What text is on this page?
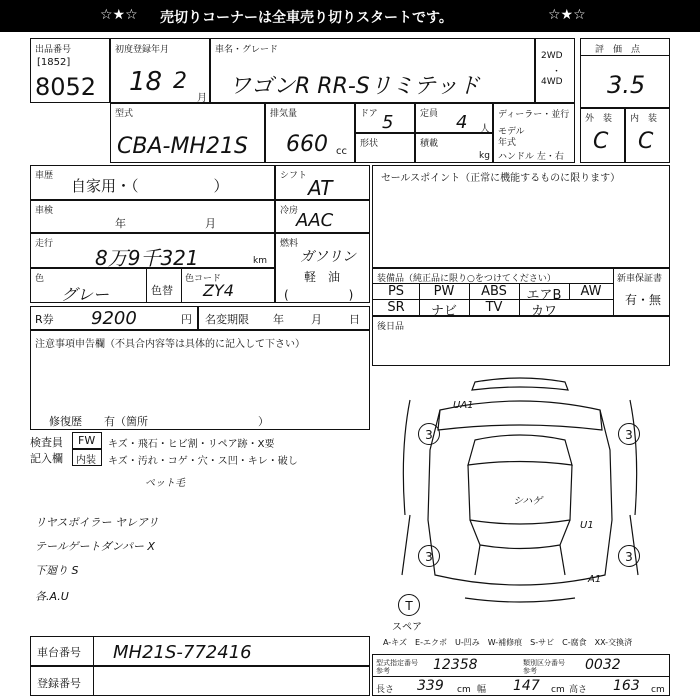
☆★☆ 売切りコーナーは全車売り切りスタートです。	☆★☆
出品番号
[1852]
8052
初度登録年月
18 2
月
車名・グレード
ワゴンR RR-Sリミテッド
2WD
・
4WD
評　価　点
3.5
型式
CBA-MH21S
排気量
660 cc
ドア 5	定員 4 人
形状	積載
kg
ディーラー・並行
モデル
年式
ハンドル 左・右
外　装
C
内　装
C
車歴
自家用・（　　　　　）
シフト AT
車検
年	月
冷房
AAC
走行
8万9千321	km
燃料
ガソリン
軽　油
(　　　　　)
色
グレー	色替
色コード
ZY4
セールスポイント（正常に機能するものに限ります）
装備品（純正品に限り○をつけてください）	新車保証書
有・無
PS	PW	ABS	エアB	AW
SR	ナビ	TV	カワ
R券 9200	円 名変期限 年 月 日
後日品
注意事項申告欄（不具合内容等は具体的に記入して下さい）
修復歴　　有（箇所　　　　　　　　　　）
検査員
記入欄
FW
内装
キズ・飛石・ヒビ割・リペア跡・X要
キズ・汚れ・コゲ・穴・ス凹・キレ・破し
ペット毛
リヤスポイラー ヤレアリ
テールゲートダンパー X
下廻り S
各.A.U
UA1
シハゲ
U1
A1
3	3
3	3
T
スペア
A-キズ　E-エクボ　U-凹み　W-補修痕　S-サビ　C-腐食　XX-交換済
車台番号 MH21S-772416
登録番号
型式指定番号
参考	12358	類別区分番号
参考	0032
長さ 339 cm 幅 147 cm 高さ 163 cm
